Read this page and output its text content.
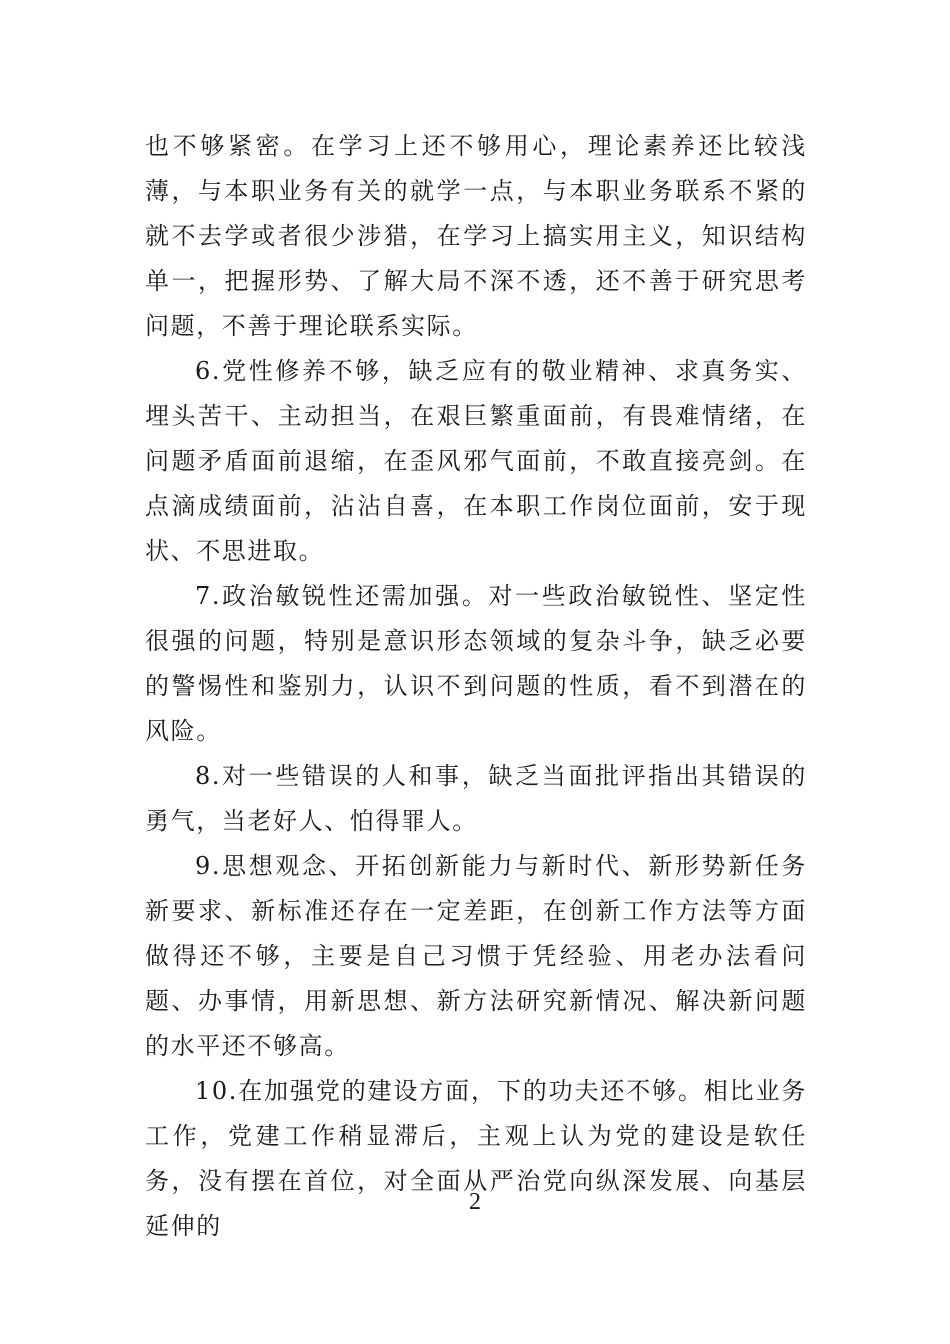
也不够紧密。在学习上还不够用心，理论素养还比较浅薄，与本职业务有关的就学一点，与本职业务联系不紧的就不去学或者很少涉猎，在学习上搞实用主义，知识结构单一，把握形势、了解大局不深不透，还不善于研究思考问题，不善于理论联系实际。

6.党性修养不够，缺乏应有的敬业精神、求真务实、埋头苦干、主动担当，在艰巨繁重面前，有畏难情绪，在问题矛盾面前退缩，在歪风邪气面前，不敢直接亮剑。在点滴成绩面前，沾沾自喜，在本职工作岗位面前，安于现状、不思进取。

7.政治敏锐性还需加强。对一些政治敏锐性、坚定性很强的问题，特别是意识形态领域的复杂斗争，缺乏必要的警惕性和鉴别力，认识不到问题的性质，看不到潜在的风险。

8.对一些错误的人和事，缺乏当面批评指出其错误的勇气，当老好人、怕得罪人。

9.思想观念、开拓创新能力与新时代、新形势新任务新要求、新标准还存在一定差距，在创新工作方法等方面做得还不够，主要是自己习惯于凭经验、用老办法看问题、办事情，用新思想、新方法研究新情况、解决新问题的水平还不够高。

10.在加强党的建设方面，下的功夫还不够。相比业务工作，党建工作稍显滞后，主观上认为党的建设是软任务，没有摆在首位，对全面从严治党向纵深发展、向基层延伸的

2
